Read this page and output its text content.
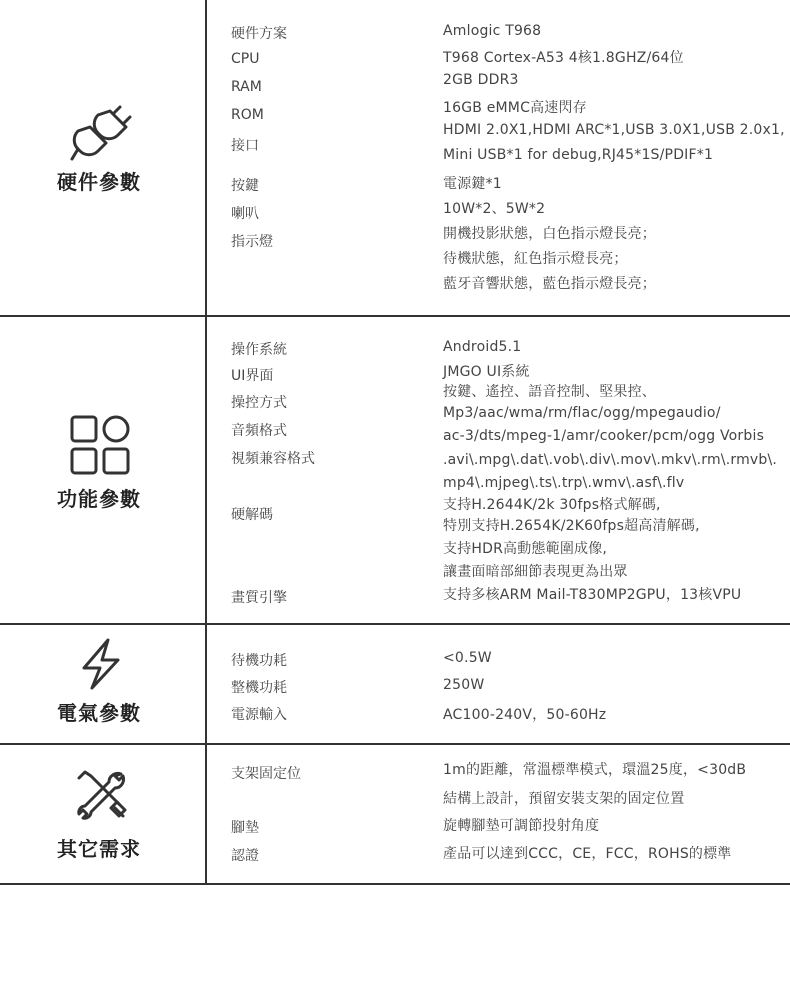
硬件參數
硬件方案
CPU
RAM
ROM
接口
按鍵
喇叭
指示燈
Amlogic T968
T968 Cortex-A53 4核1.8GHZ/64位
2GB DDR3
16GB eMMC高速閃存
HDMI 2.0X1,HDMI ARC*1,USB 3.0X1,USB 2.0x1,
Mini USB*1 for debug,RJ45*1S/PDIF*1
電源鍵*1
10W*2、5W*2
開機投影狀態，白色指示燈長亮；
待機狀態，紅色指示燈長亮；
藍牙音響狀態，藍色指示燈長亮；
功能參數
操作系統
UI界面
操控方式
音頻格式
視頻兼容格式
硬解碼
畫質引擎
Android5.1
JMGO UI系統
按鍵、遙控、語音控制、堅果控、
Mp3/aac/wma/rm/flac/ogg/mpegaudio/
ac-3/dts/mpeg-1/amr/cooker/pcm/ogg Vorbis
.avi\.mpg\.dat\.vob\.div\.mov\.mkv\.rm\.rmvb\.
mp4\.mjpeg\.ts\.trp\.wmv\.asf\.flv
支持H.2644K/2k 30fps格式解碼,
特別支持H.2654K/2K60fps超高清解碼,
支持HDR高動態範圍成像,
讓畫面暗部細節表現更為出眾
支持多核ARM Mail-T830MP2GPU，13核VPU
電氣參數
待機功耗
整機功耗
電源輸入
<0.5W
250W
AC100-240V，50-60Hz
其它需求
支架固定位
腳墊
認證
1m的距離，常溫標準模式，環溫25度，<30dB
結構上設計，預留安裝支架的固定位置
旋轉腳墊可調節投射角度
產品可以達到CCC，CE，FCC，ROHS的標準
